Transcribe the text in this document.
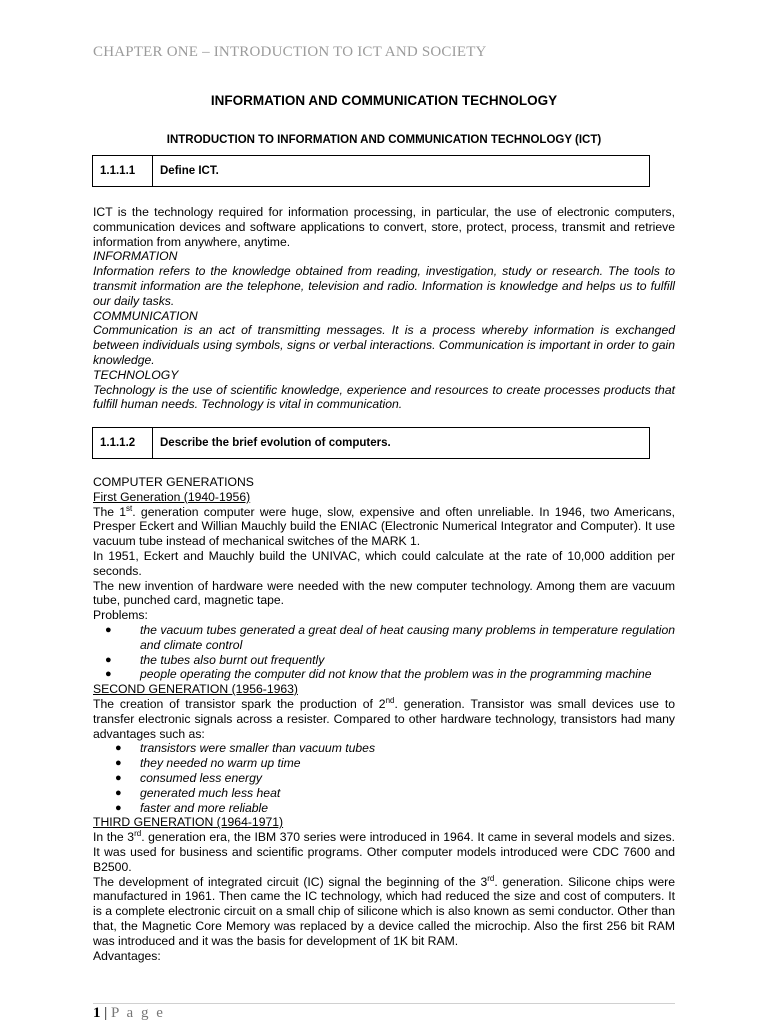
CHAPTER ONE – INTRODUCTION TO ICT AND SOCIETY
INFORMATION AND COMMUNICATION TECHNOLOGY
INTRODUCTION TO INFORMATION AND COMMUNICATION TECHNOLOGY (ICT)
1.1.1.1	Define ICT.

ICT is the technology required for information processing, in particular, the use of electronic computers, communication devices and software applications to convert, store, protect, process, transmit and retrieve information from anywhere, anytime.

INFORMATION

Information refers to the knowledge obtained from reading, investigation, study or research. The tools to transmit information are the telephone, television and radio. Information is knowledge and helps us to fulfill our daily tasks.

COMMUNICATION

Communication is an act of transmitting messages. It is a process whereby information is exchanged between individuals using symbols, signs or verbal interactions. Communication is important in order to gain knowledge.

TECHNOLOGY

Technology is the use of scientific knowledge, experience and resources to create processes products that fulfill human needs. Technology is vital in communication.

1.1.1.2	Describe the brief evolution of computers.

COMPUTER GENERATIONS

First Generation (1940-1956)

The 1st. generation computer were huge, slow, expensive and often unreliable. In 1946, two Americans, Presper Eckert and Willian Mauchly build the ENIAC (Electronic Numerical Integrator and Computer). It use vacuum tube instead of mechanical switches of the MARK 1.

In 1951, Eckert and Mauchly build the UNIVAC, which could calculate at the rate of 10,000 addition per seconds.

The new invention of hardware were needed with the new computer technology. Among them are vacuum tube, punched card, magnetic tape.

Problems:

● the vacuum tubes generated a great deal of heat causing many problems in temperature regulation and climate control
● the tubes also burnt out frequently
● people operating the computer did not know that the problem was in the programming machine

SECOND GENERATION (1956-1963)

The creation of transistor spark the production of 2nd. generation. Transistor was small devices use to transfer electronic signals across a resister. Compared to other hardware technology, transistors had many advantages such as:

● transistors were smaller than vacuum tubes
● they needed no warm up time
● consumed less energy
● generated much less heat
● faster and more reliable

THIRD GENERATION (1964-1971)

In the 3rd. generation era, the IBM 370 series were introduced in 1964. It came in several models and sizes. It was used for business and scientific programs. Other computer models introduced were CDC 7600 and B2500.

The development of integrated circuit (IC) signal the beginning of the 3rd. generation. Silicone chips were manufactured in 1961. Then came the IC technology, which had reduced the size and cost of computers. It is a complete electronic circuit on a small chip of silicone which is also known as semi conductor. Other than that, the Magnetic Core Memory was replaced by a device called the microchip. Also the first 256 bit RAM was introduced and it was the basis for development of 1K bit RAM.

Advantages:

1 | P a g e
